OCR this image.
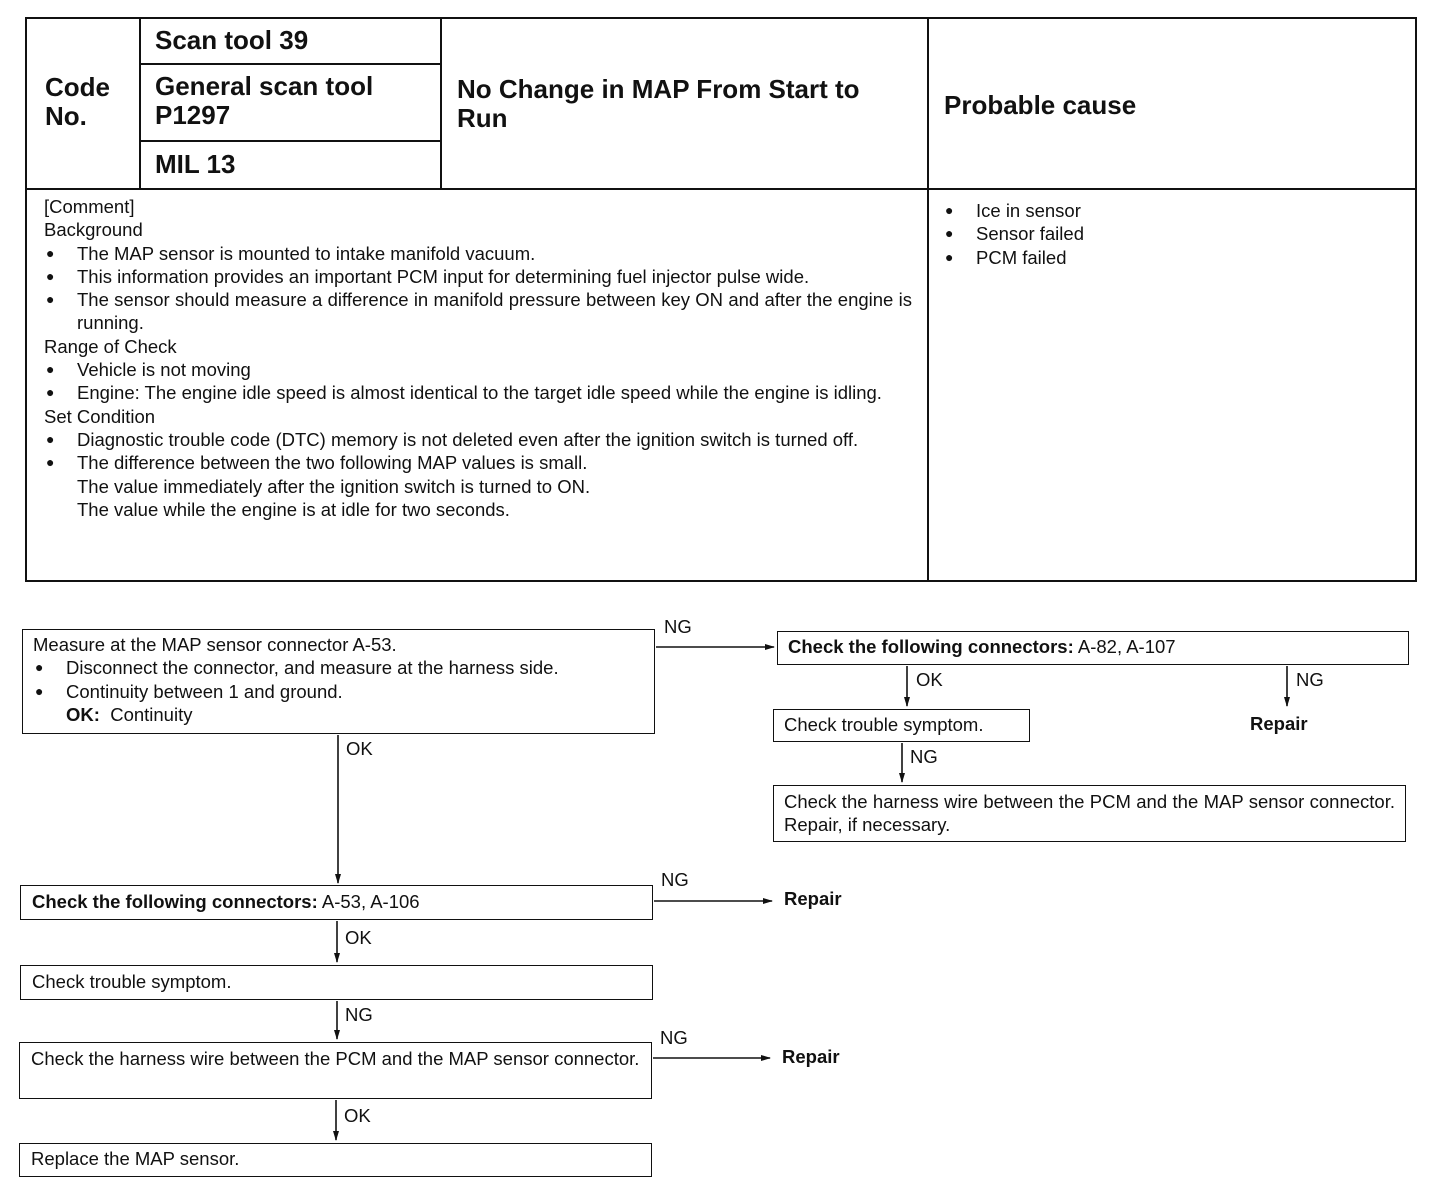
Code No.
Scan tool 39
General scan tool P1297
MIL 13
No Change in MAP From Start to Run	Probable cause
[Comment]
Background
● The MAP sensor is mounted to intake manifold vacuum.
● This information provides an important PCM input for determining fuel injector pulse wide.
● The sensor should measure a difference in manifold pressure between key ON and after the engine is running.
Range of Check
● Vehicle is not moving
● Engine: The engine idle speed is almost identical to the target idle speed while the engine is idling.
Set Condition
● Diagnostic trouble code (DTC) memory is not deleted even after the ignition switch is turned off.
● The difference between the two following MAP values is small.
The value immediately after the ignition switch is turned to ON.
The value while the engine is at idle for two seconds.
● Ice in sensor
● Sensor failed
● PCM failed
Measure at the MAP sensor connector A-53.
● Disconnect the connector, and measure at the harness side.
● Continuity between 1 and ground.
OK: Continuity
Check the following connectors: A-82, A-107
Check trouble symptom.
Check the harness wire between the PCM and the MAP sensor connector. Repair, if necessary.
Check the following connectors: A-53, A-106
Check trouble symptom.
Check the harness wire between the PCM and the MAP sensor connector.
Replace the MAP sensor.
NG
OK
OK	NG
Repair
NG
NG
Repair
OK
NG
NG
Repair
OK
